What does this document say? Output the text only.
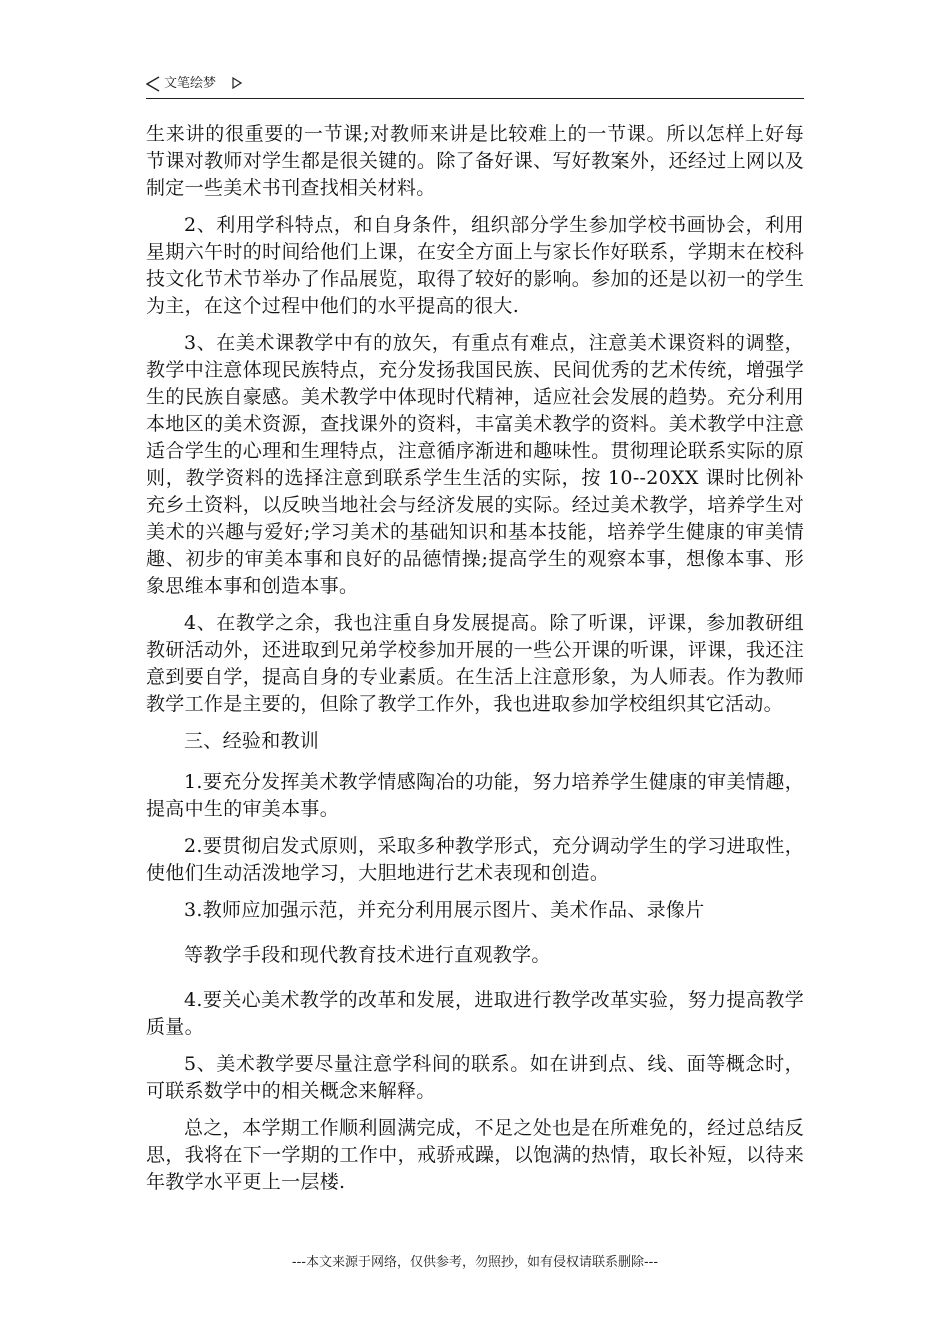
文笔绘梦

生来讲的很重要的一节课;对教师来讲是比较难上的一节课。所以怎样上好每节课对教师对学生都是很关键的。除了备好课、写好教案外，还经过上网以及制定一些美术书刊查找相关材料。

2、利用学科特点，和自身条件，组织部分学生参加学校书画协会，利用星期六午时的时间给他们上课，在安全方面上与家长作好联系，学期末在校科技文化节术节举办了作品展览，取得了较好的影响。参加的还是以初一的学生为主，在这个过程中他们的水平提高的很大.

3、在美术课教学中有的放矢，有重点有难点，注意美术课资料的调整，教学中注意体现民族特点，充分发扬我国民族、民间优秀的艺术传统，增强学生的民族自豪感。美术教学中体现时代精神，适应社会发展的趋势。充分利用本地区的美术资源，查找课外的资料，丰富美术教学的资料。美术教学中注意适合学生的心理和生理特点，注意循序渐进和趣味性。贯彻理论联系实际的原则，教学资料的选择注意到联系学生生活的实际，按 10--20XX 课时比例补充乡土资料，以反映当地社会与经济发展的实际。经过美术教学，培养学生对美术的兴趣与爱好;学习美术的基础知识和基本技能，培养学生健康的审美情趣、初步的审美本事和良好的品德情操;提高学生的观察本事，想像本事、形象思维本事和创造本事。

4、在教学之余，我也注重自身发展提高。除了听课，评课，参加教研组教研活动外，还进取到兄弟学校参加开展的一些公开课的听课，评课，我还注意到要自学，提高自身的专业素质。在生活上注意形象，为人师表。作为教师教学工作是主要的，但除了教学工作外，我也进取参加学校组织其它活动。

三、经验和教训

1.要充分发挥美术教学情感陶冶的功能，努力培养学生健康的审美情趣，提高中生的审美本事。

2.要贯彻启发式原则，采取多种教学形式，充分调动学生的学习进取性，使他们生动活泼地学习，大胆地进行艺术表现和创造。

3.教师应加强示范，并充分利用展示图片、美术作品、录像片

等教学手段和现代教育技术进行直观教学。

4.要关心美术教学的改革和发展，进取进行教学改革实验，努力提高教学质量。

5、美术教学要尽量注意学科间的联系。如在讲到点、线、面等概念时，可联系数学中的相关概念来解释。

总之，本学期工作顺利圆满完成，不足之处也是在所难免的，经过总结反思，我将在下一学期的工作中，戒骄戒躁，以饱满的热情，取长补短，以待来年教学水平更上一层楼.

---本文来源于网络，仅供参考，勿照抄，如有侵权请联系删除---
